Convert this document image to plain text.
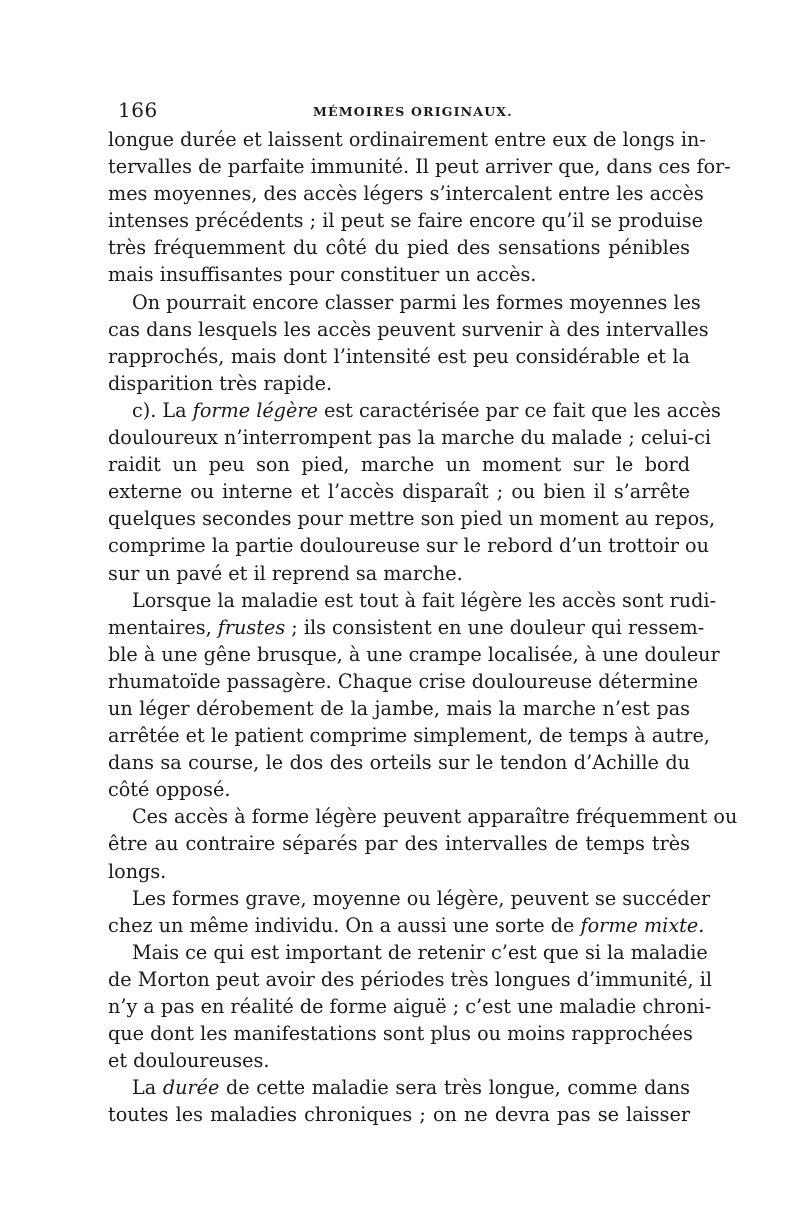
166	MÉMOIRES ORIGINAUX.
longue durée et laissent ordinairement entre eux de longs in-
tervalles de parfaite immunité. Il peut arriver que, dans ces for-
mes moyennes, des accès légers s’intercalent entre les accès
intenses précédents ; il peut se faire encore qu’il se produise
très fréquemment du côté du pied des sensations pénibles
mais insuffisantes pour constituer un accès.
On pourrait encore classer parmi les formes moyennes les
cas dans lesquels les accès peuvent survenir à des intervalles
rapprochés, mais dont l’intensité est peu considérable et la
disparition très rapide.
c). La forme légère est caractérisée par ce fait que les accès
douloureux n’interrompent pas la marche du malade ; celui-ci
raidit un peu son pied, marche un moment sur le bord
externe ou interne et l’accès disparaît ; ou bien il s’arrête
quelques secondes pour mettre son pied un moment au repos,
comprime la partie douloureuse sur le rebord d’un trottoir ou
sur un pavé et il reprend sa marche.
Lorsque la maladie est tout à fait légère les accès sont rudi-
mentaires, frustes ; ils consistent en une douleur qui ressem-
ble à une gêne brusque, à une crampe localisée, à une douleur
rhumatoïde passagère. Chaque crise douloureuse détermine
un léger dérobement de la jambe, mais la marche n’est pas
arrêtée et le patient comprime simplement, de temps à autre,
dans sa course, le dos des orteils sur le tendon d’Achille du
côté opposé.
Ces accès à forme légère peuvent apparaître fréquemment ou
être au contraire séparés par des intervalles de temps très
longs.
Les formes grave, moyenne ou légère, peuvent se succéder
chez un même individu. On a aussi une sorte de forme mixte.
Mais ce qui est important de retenir c’est que si la maladie
de Morton peut avoir des périodes très longues d’immunité, il
n’y a pas en réalité de forme aiguë ; c’est une maladie chroni-
que dont les manifestations sont plus ou moins rapprochées
et douloureuses.
La durée de cette maladie sera très longue, comme dans
toutes les maladies chroniques ; on ne devra pas se laisser
